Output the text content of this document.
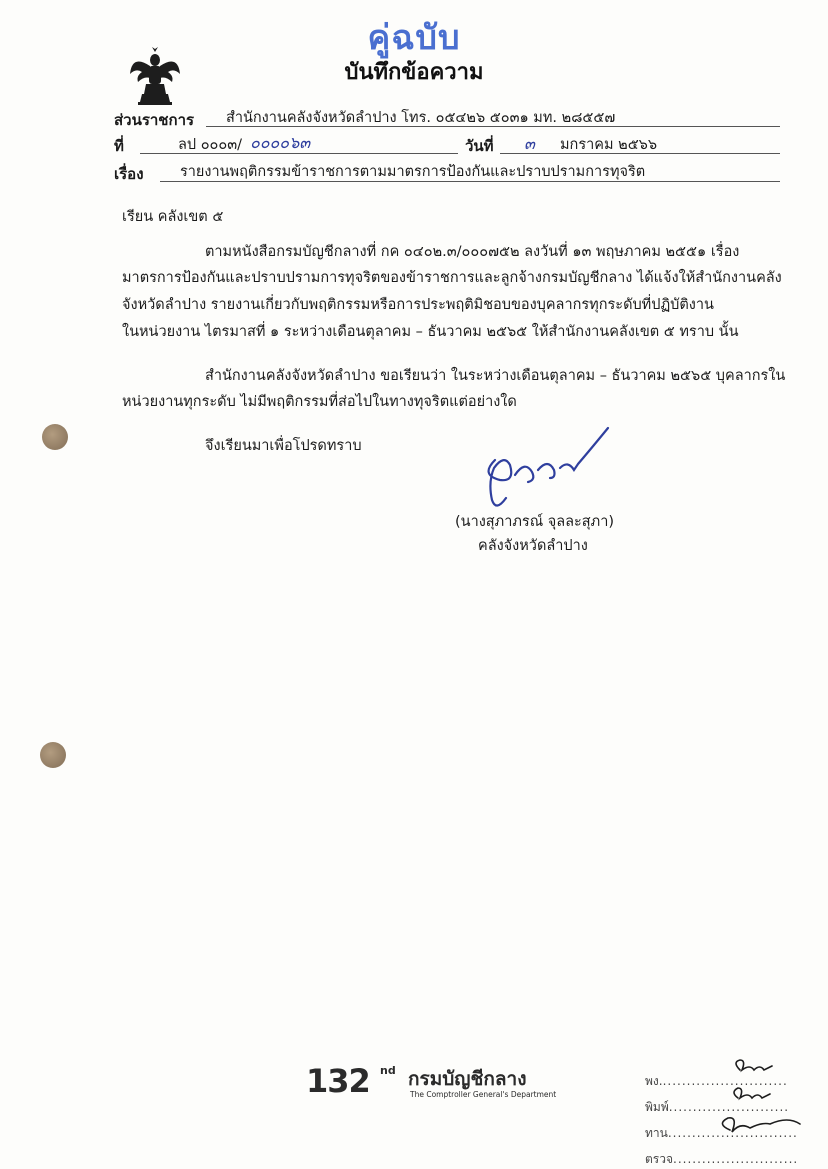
คู่ฉบับ
บันทึกข้อความ
ส่วนราชการ สำนักงานคลังจังหวัดลำปาง โทร. ๐๕๔๒๖ ๕๐๓๑ มท. ๒๘๕๕๗
ที่	ลป ๐๐๐๓/ ๐๐๐๐๖๓	วันที่ ๓ มกราคม ๒๕๖๖
เรื่อง	รายงานพฤติกรรมข้าราชการตามมาตรการป้องกันและปราบปรามการทุจริต
เรียน คลังเขต ๕
ตามหนังสือกรมบัญชีกลางที่ กค ๐๔๐๒.๓/๐๐๐๗๕๒ ลงวันที่ ๑๓ พฤษภาคม ๒๕๕๑ เรื่อง
มาตรการป้องกันและปราบปรามการทุจริตของข้าราชการและลูกจ้างกรมบัญชีกลาง ได้แจ้งให้สำนักงานคลัง
จังหวัดลำปาง รายงานเกี่ยวกับพฤติกรรมหรือการประพฤติมิชอบของบุคลากรทุกระดับที่ปฏิบัติงาน
ในหน่วยงาน ไตรมาสที่ ๑ ระหว่างเดือนตุลาคม – ธันวาคม ๒๕๖๕ ให้สำนักงานคลังเขต ๕ ทราบ นั้น
สำนักงานคลังจังหวัดลำปาง ขอเรียนว่า ในระหว่างเดือนตุลาคม – ธันวาคม ๒๕๖๕ บุคลากรใน
หน่วยงานทุกระดับ ไม่มีพฤติกรรมที่ส่อไปในทางทุจริตแต่อย่างใด
จึงเรียนมาเพื่อโปรดทราบ
(นางสุภาภรณ์ จุลละสุภา)
คลังจังหวัดลำปาง
132 nd กรมบัญชีกลาง
The Comptroller General's Department
พง...........................
พิมพ์.........................
ทาน...........................
ตรวจ..........................
